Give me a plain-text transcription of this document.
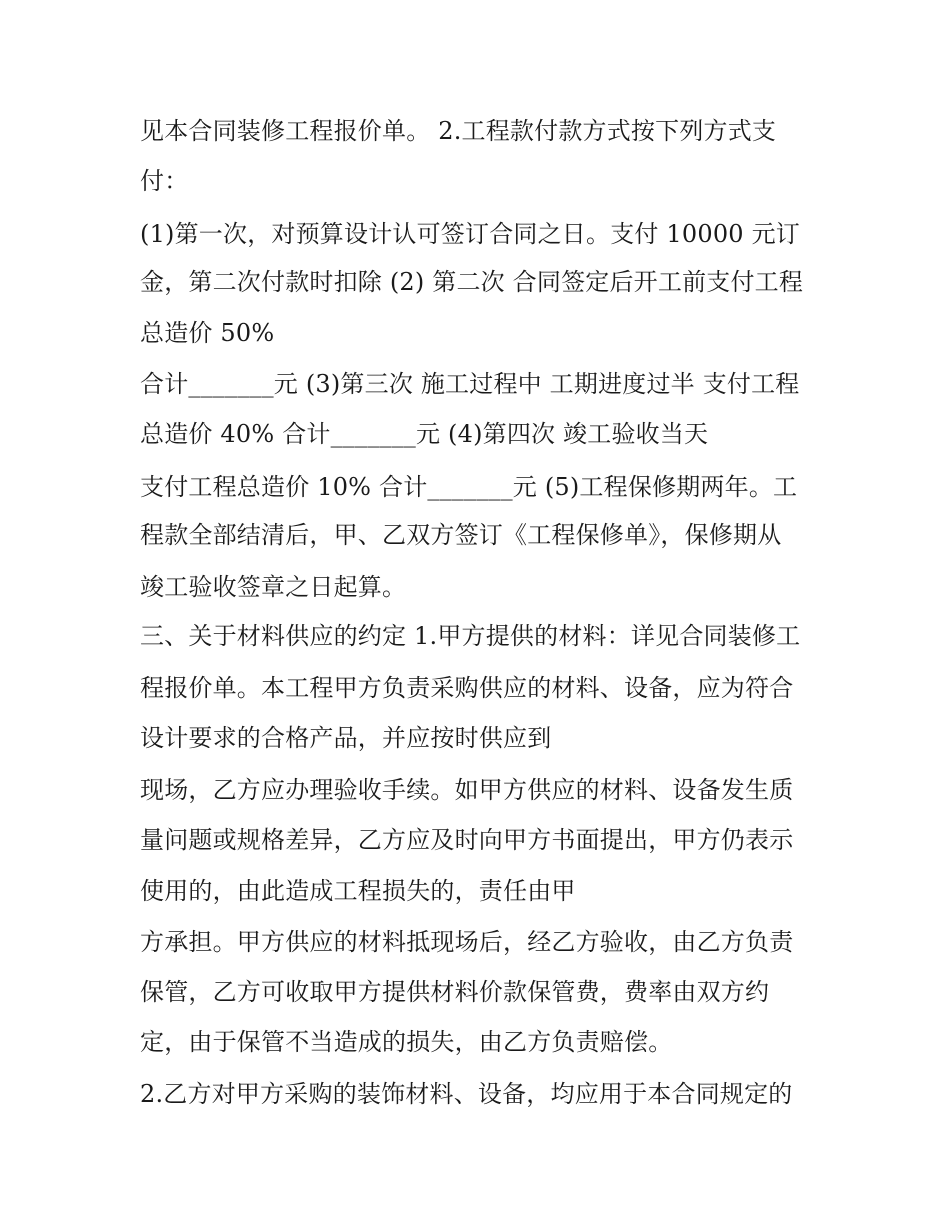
见本合同装修工程报价单。 2.工程款付款方式按下列方式支
付：
(1)第一次，对预算设计认可签订合同之日。支付 10000 元订
金，第二次付款时扣除 (2) 第二次 合同签定后开工前支付工程
总造价 50%
合计_______元 (3)第三次 施工过程中 工期进度过半 支付工程
总造价 40% 合计_______元 (4)第四次 竣工验收当天
支付工程总造价 10% 合计_______元 (5)工程保修期两年。工
程款全部结清后，甲、乙双方签订《工程保修单》，保修期从
竣工验收签章之日起算。
三、关于材料供应的约定 1.甲方提供的材料：详见合同装修工
程报价单。本工程甲方负责采购供应的材料、设备，应为符合
设计要求的合格产品，并应按时供应到
现场，乙方应办理验收手续。如甲方供应的材料、设备发生质
量问题或规格差异，乙方应及时向甲方书面提出，甲方仍表示
使用的，由此造成工程损失的，责任由甲
方承担。甲方供应的材料抵现场后，经乙方验收，由乙方负责
保管，乙方可收取甲方提供材料价款保管费，费率由双方约
定，由于保管不当造成的损失，由乙方负责赔偿。
2.乙方对甲方采购的装饰材料、设备，均应用于本合同规定的
